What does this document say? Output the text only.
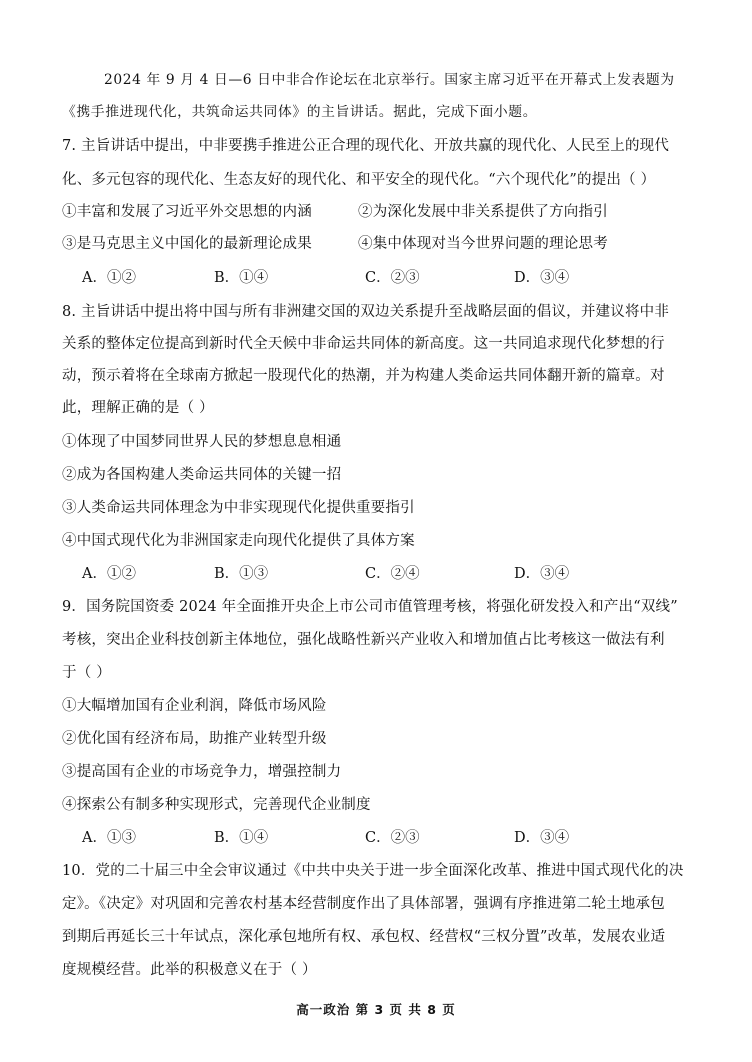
2024 年 9 月 4 日—6 日中非合作论坛在北京举行。国家主席习近平在开幕式上发表题为
《携手推进现代化，共筑命运共同体》的主旨讲话。据此，完成下面小题。
7. 主旨讲话中提出，中非要携手推进公正合理的现代化、开放共赢的现代化、人民至上的现代
化、多元包容的现代化、生态友好的现代化、和平安全的现代化。“六个现代化”的提出（ ）
①丰富和发展了习近平外交思想的内涵	②为深化发展中非关系提供了方向指引
③是马克思主义中国化的最新理论成果	④集中体现对当今世界问题的理论思考
A．①②	B．①④	C．②③	D．③④
8. 主旨讲话中提出将中国与所有非洲建交国的双边关系提升至战略层面的倡议，并建议将中非
关系的整体定位提高到新时代全天候中非命运共同体的新高度。这一共同追求现代化梦想的行
动，预示着将在全球南方掀起一股现代化的热潮，并为构建人类命运共同体翻开新的篇章。对
此，理解正确的是（ ）
①体现了中国梦同世界人民的梦想息息相通
②成为各国构建人类命运共同体的关键一招
③人类命运共同体理念为中非实现现代化提供重要指引
④中国式现代化为非洲国家走向现代化提供了具体方案
A．①②	B．①③	C．②④	D．③④
9．国务院国资委 2024 年全面推开央企上市公司市值管理考核，将强化研发投入和产出“双线”
考核，突出企业科技创新主体地位，强化战略性新兴产业收入和增加值占比考核这一做法有利
于（ ）
①大幅增加国有企业利润，降低市场风险
②优化国有经济布局，助推产业转型升级
③提高国有企业的市场竞争力，增强控制力
④探索公有制多种实现形式，完善现代企业制度
A．①③	B．①④	C．②③	D．③④
10．党的二十届三中全会审议通过《中共中央关于进一步全面深化改革、推进中国式现代化的决
定》。《决定》对巩固和完善农村基本经营制度作出了具体部署，强调有序推进第二轮土地承包
到期后再延长三十年试点，深化承包地所有权、承包权、经营权“三权分置”改革，发展农业适
度规模经营。此举的积极意义在于（ ）
高一政治 第 3 页 共 8 页
